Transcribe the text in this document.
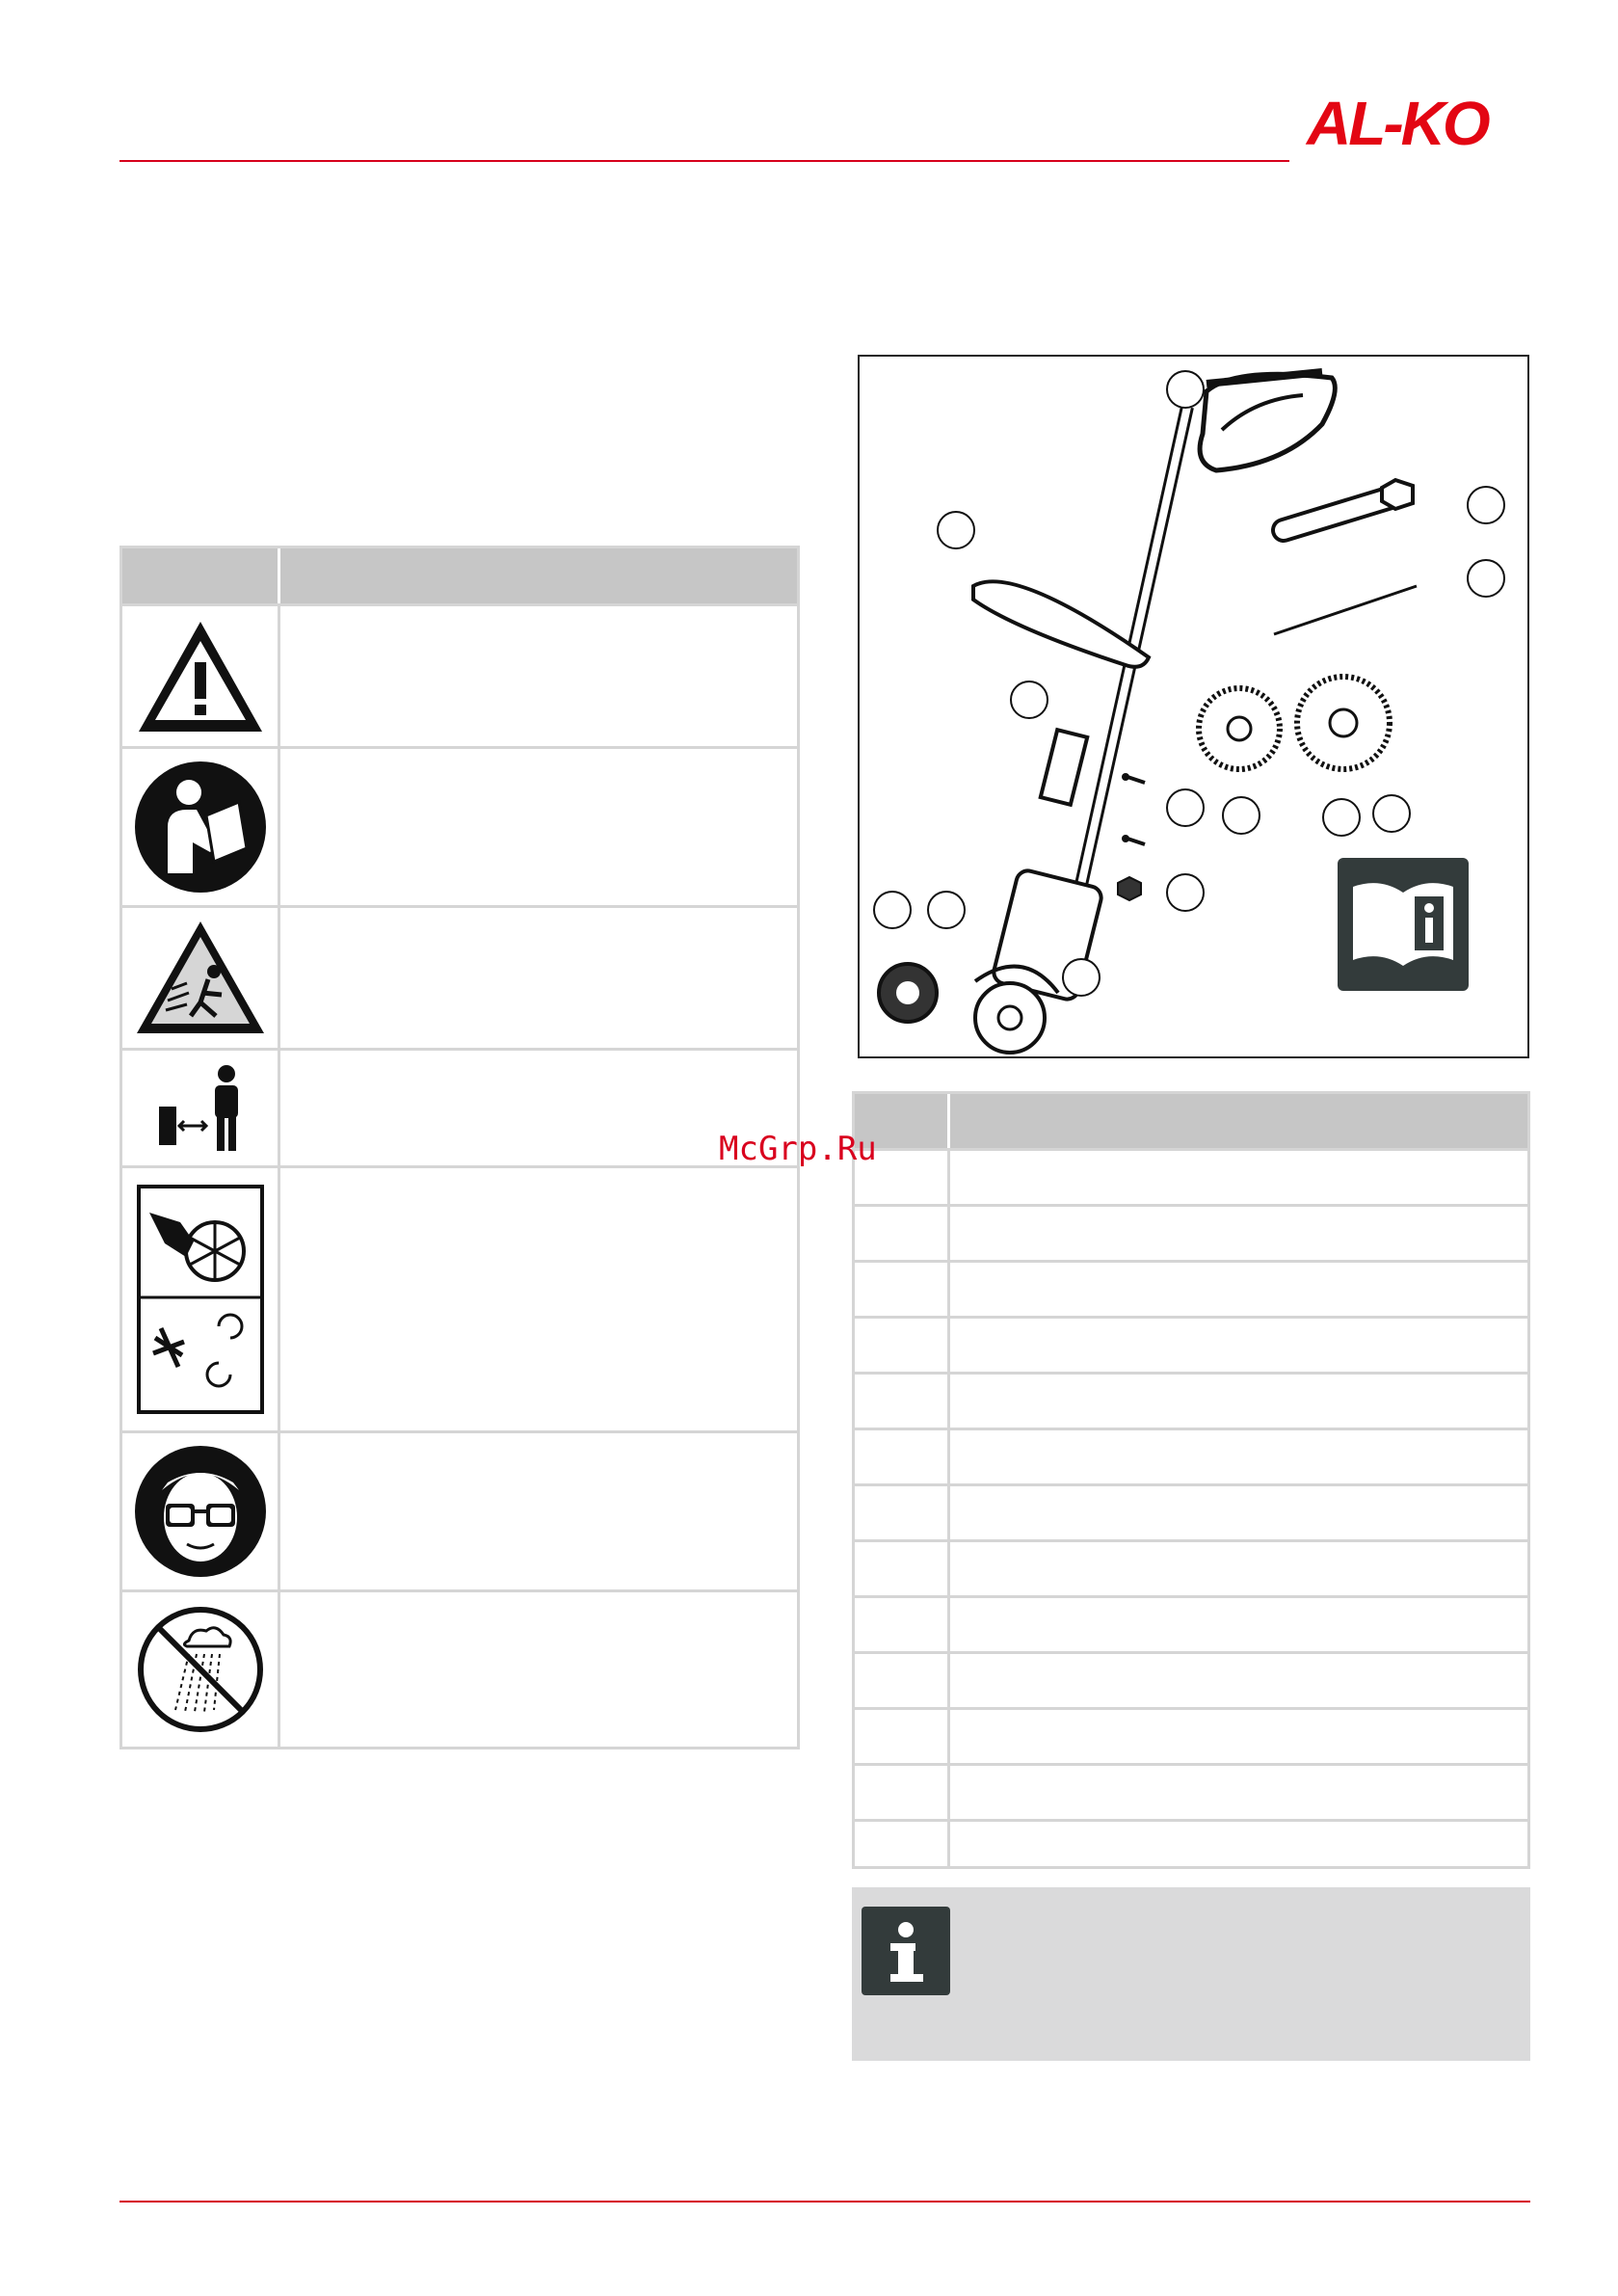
AL-KO
McGrp.Ru
